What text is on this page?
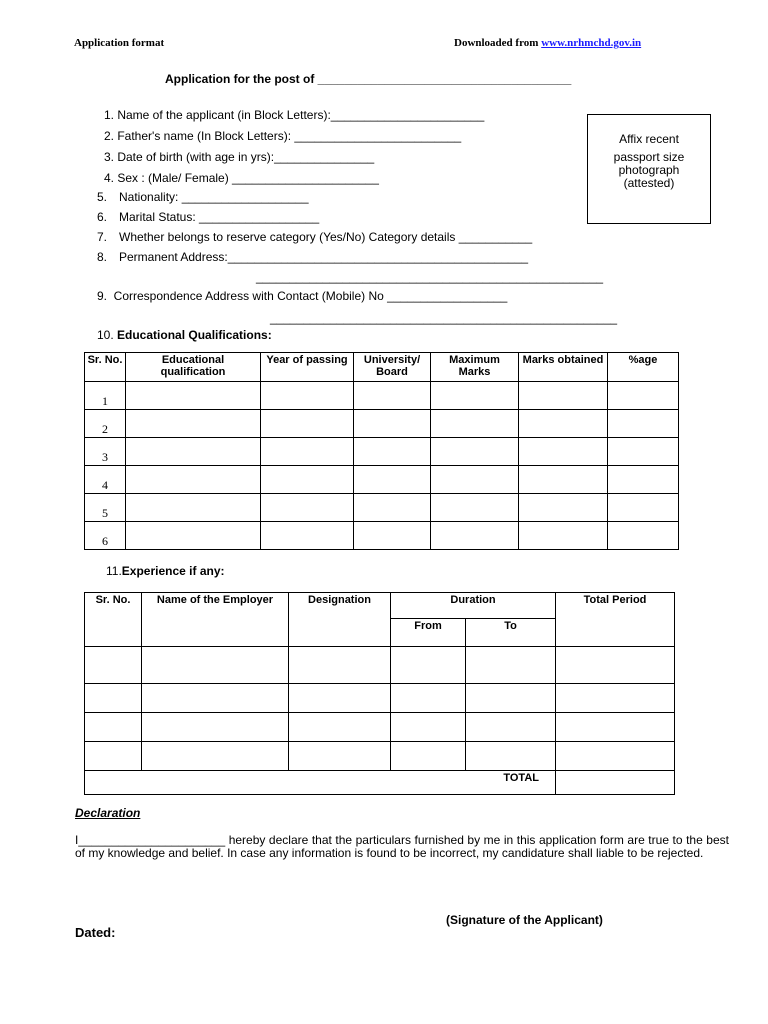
Application format	Downloaded from www.nrhmchd.gov.in
Application for the post of ______________________________________
1. Name of the applicant (in Block Letters):_______________________
2. Father's name (In Block Letters): _________________________
3. Date of birth (with age in yrs):_______________
4. Sex : (Male/ Female) ______________________
5. Nationality: ___________________
6. Marital Status: __________________
7. Whether belongs to reserve category (Yes/No) Category details ___________
8. Permanent Address:_____________________________________________
____________________________________________________
9.  Correspondence Address with Contact (Mobile) No __________________
____________________________________________________
Affix recent
passport size
photograph
(attested)
10. Educational Qualifications:
Sr. No.	Educational qualification	Year of passing	University/ Board	Maximum Marks	Marks obtained	%age
1						
2						
3						
4						
5						
6						
11.Experience if any:
Sr. No.	Name of the Employer	Designation	Duration		Total Period
			From	To	

TOTAL					
Declaration
I______________________ hereby declare that the particulars furnished by me in this application form are true to the best of my knowledge and belief. In case any information is found to be incorrect, my candidature shall liable to be rejected.
(Signature of the Applicant)
Dated:
